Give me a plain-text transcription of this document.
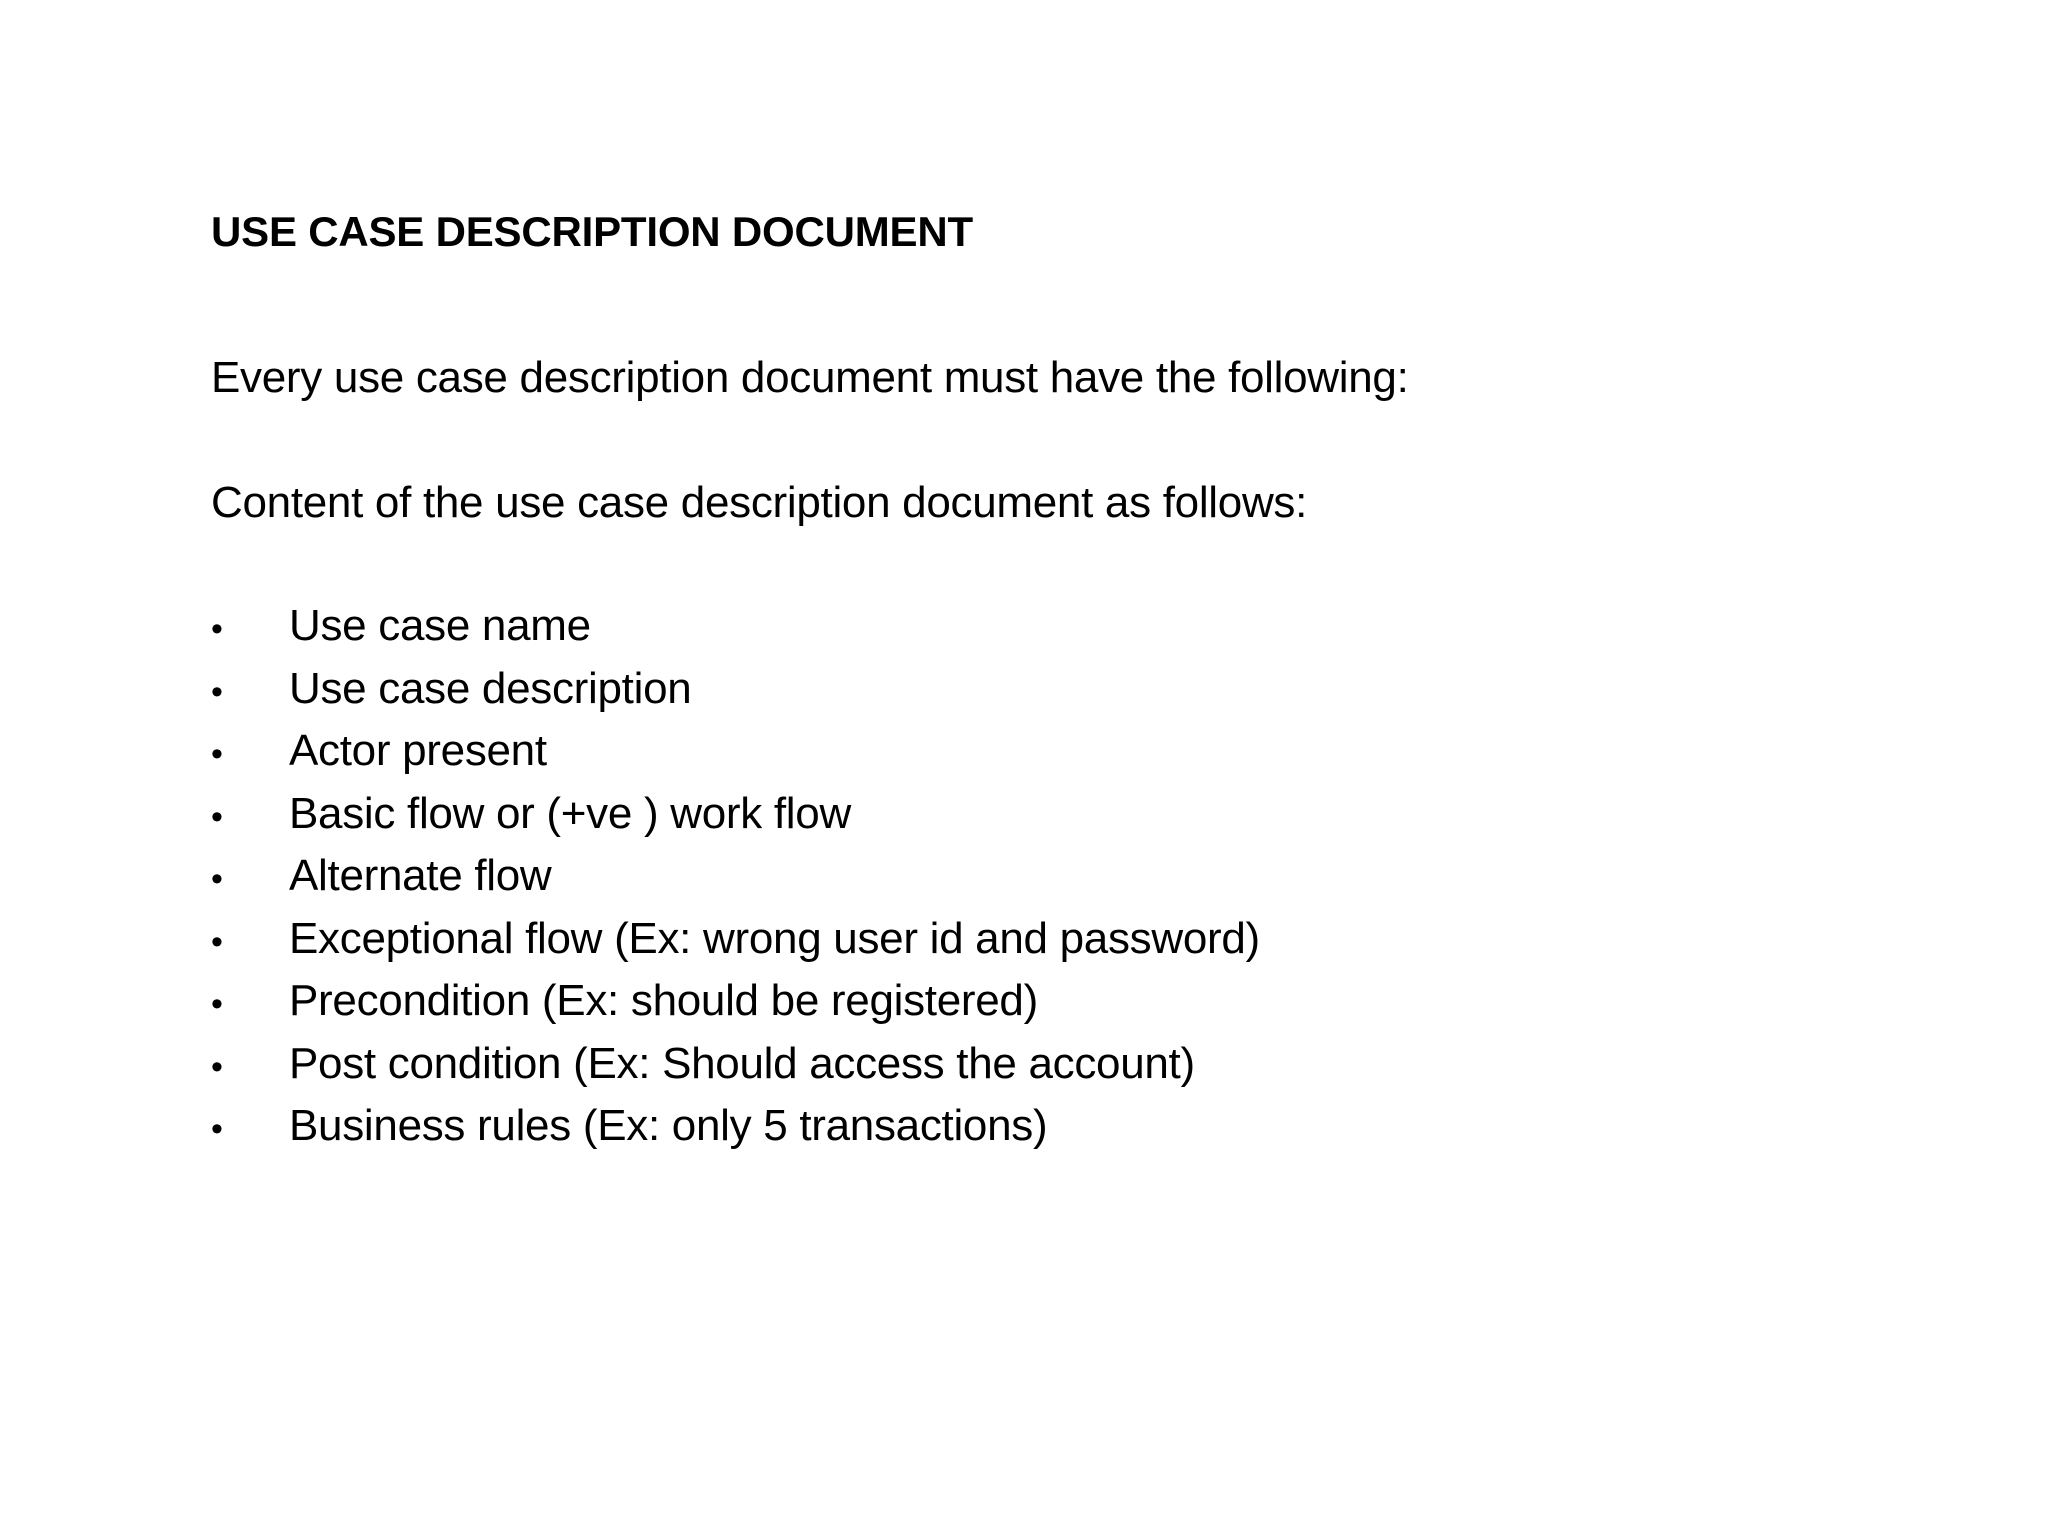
USE CASE DESCRIPTION DOCUMENT
Every use case description document must have the following:
Content of the use case description document as follows:
•	Use case name
•	Use case description
•	Actor present
•	Basic flow or (+ve ) work flow
•	Alternate flow
•	Exceptional flow (Ex: wrong user id and password)
•	Precondition (Ex: should be registered)
•	Post condition (Ex: Should access the account)
•	Business rules (Ex: only 5 transactions)
